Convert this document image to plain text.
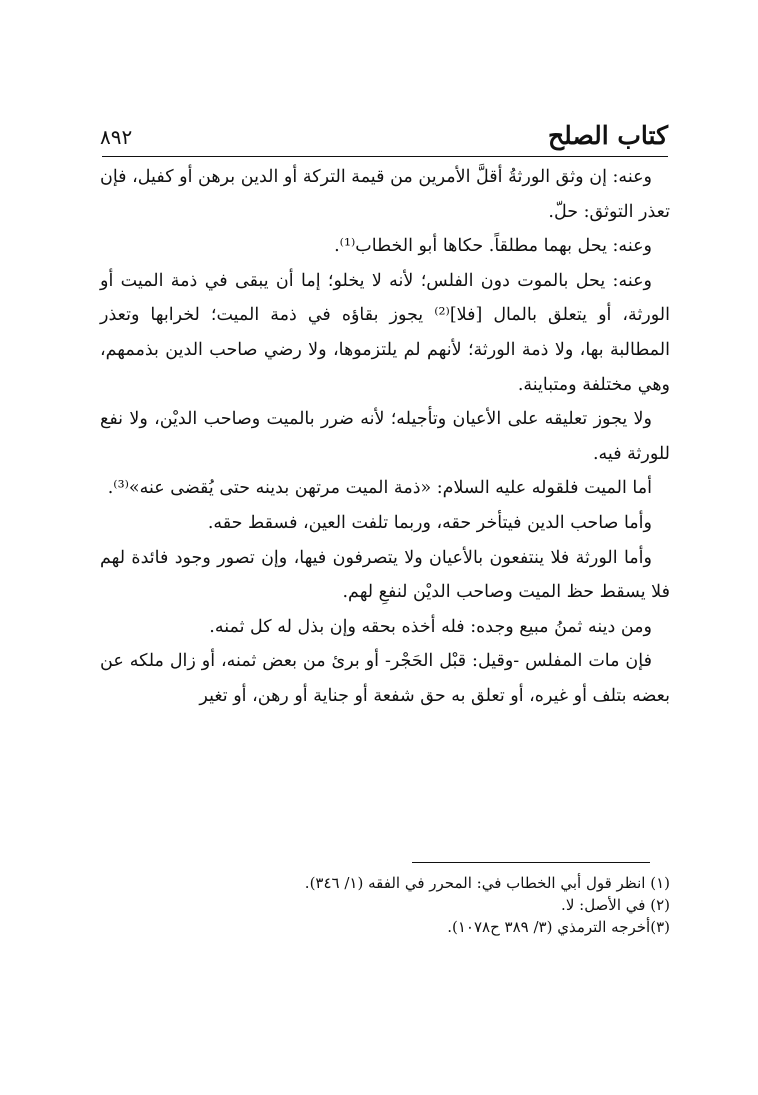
كتاب الصلح
٨٩٢

وعنه: إن وثق الورثةُ أقلَّ الأمرين من قيمة التركة أو الدين برهن أو كفيل، فإن تعذر التوثق: حلّ.

وعنه: يحل بهما مطلقاً. حكاها أبو الخطاب⁽¹⁾.

وعنه: يحل بالموت دون الفلس؛ لأنه لا يخلو؛ إما أن يبقى في ذمة الميت أو الورثة، أو يتعلق بالمال [فلا]⁽²⁾ يجوز بقاؤه في ذمة الميت؛ لخرابها وتعذر المطالبة بها، ولا ذمة الورثة؛ لأنهم لم يلتزموها، ولا رضي صاحب الدين بذممهم، وهي مختلفة ومتباينة.

ولا يجوز تعليقه على الأعيان وتأجيله؛ لأنه ضرر بالميت وصاحب الديْن، ولا نفع للورثة فيه.

أما الميت فلقوله عليه السلام: «ذمة الميت مرتهن بدينه حتى يُقضى عنه»⁽³⁾.

وأما صاحب الدين فيتأخر حقه، وربما تلفت العين، فسقط حقه.

وأما الورثة فلا ينتفعون بالأعيان ولا يتصرفون فيها، وإن تصور وجود فائدة لهم فلا يسقط حظ الميت وصاحب الديْن لنفعِ لهم.

ومن دينه ثمنُ مبيع وجده: فله أخذه بحقه وإن بذل له كل ثمنه.

فإن مات المفلس -وقيل: قبْل الحَجْر- أو برئ من بعض ثمنه، أو زال ملكه عن بعضه بتلف أو غيره، أو تعلق به حق شفعة أو جناية أو رهن، أو تغير

(١) انظر قول أبي الخطاب في: المحرر في الفقه (١/ ٣٤٦).
(٢) في الأصل: لا.
(٣)أخرجه الترمذي (٣/ ٣٨٩ ح١٠٧٨).
